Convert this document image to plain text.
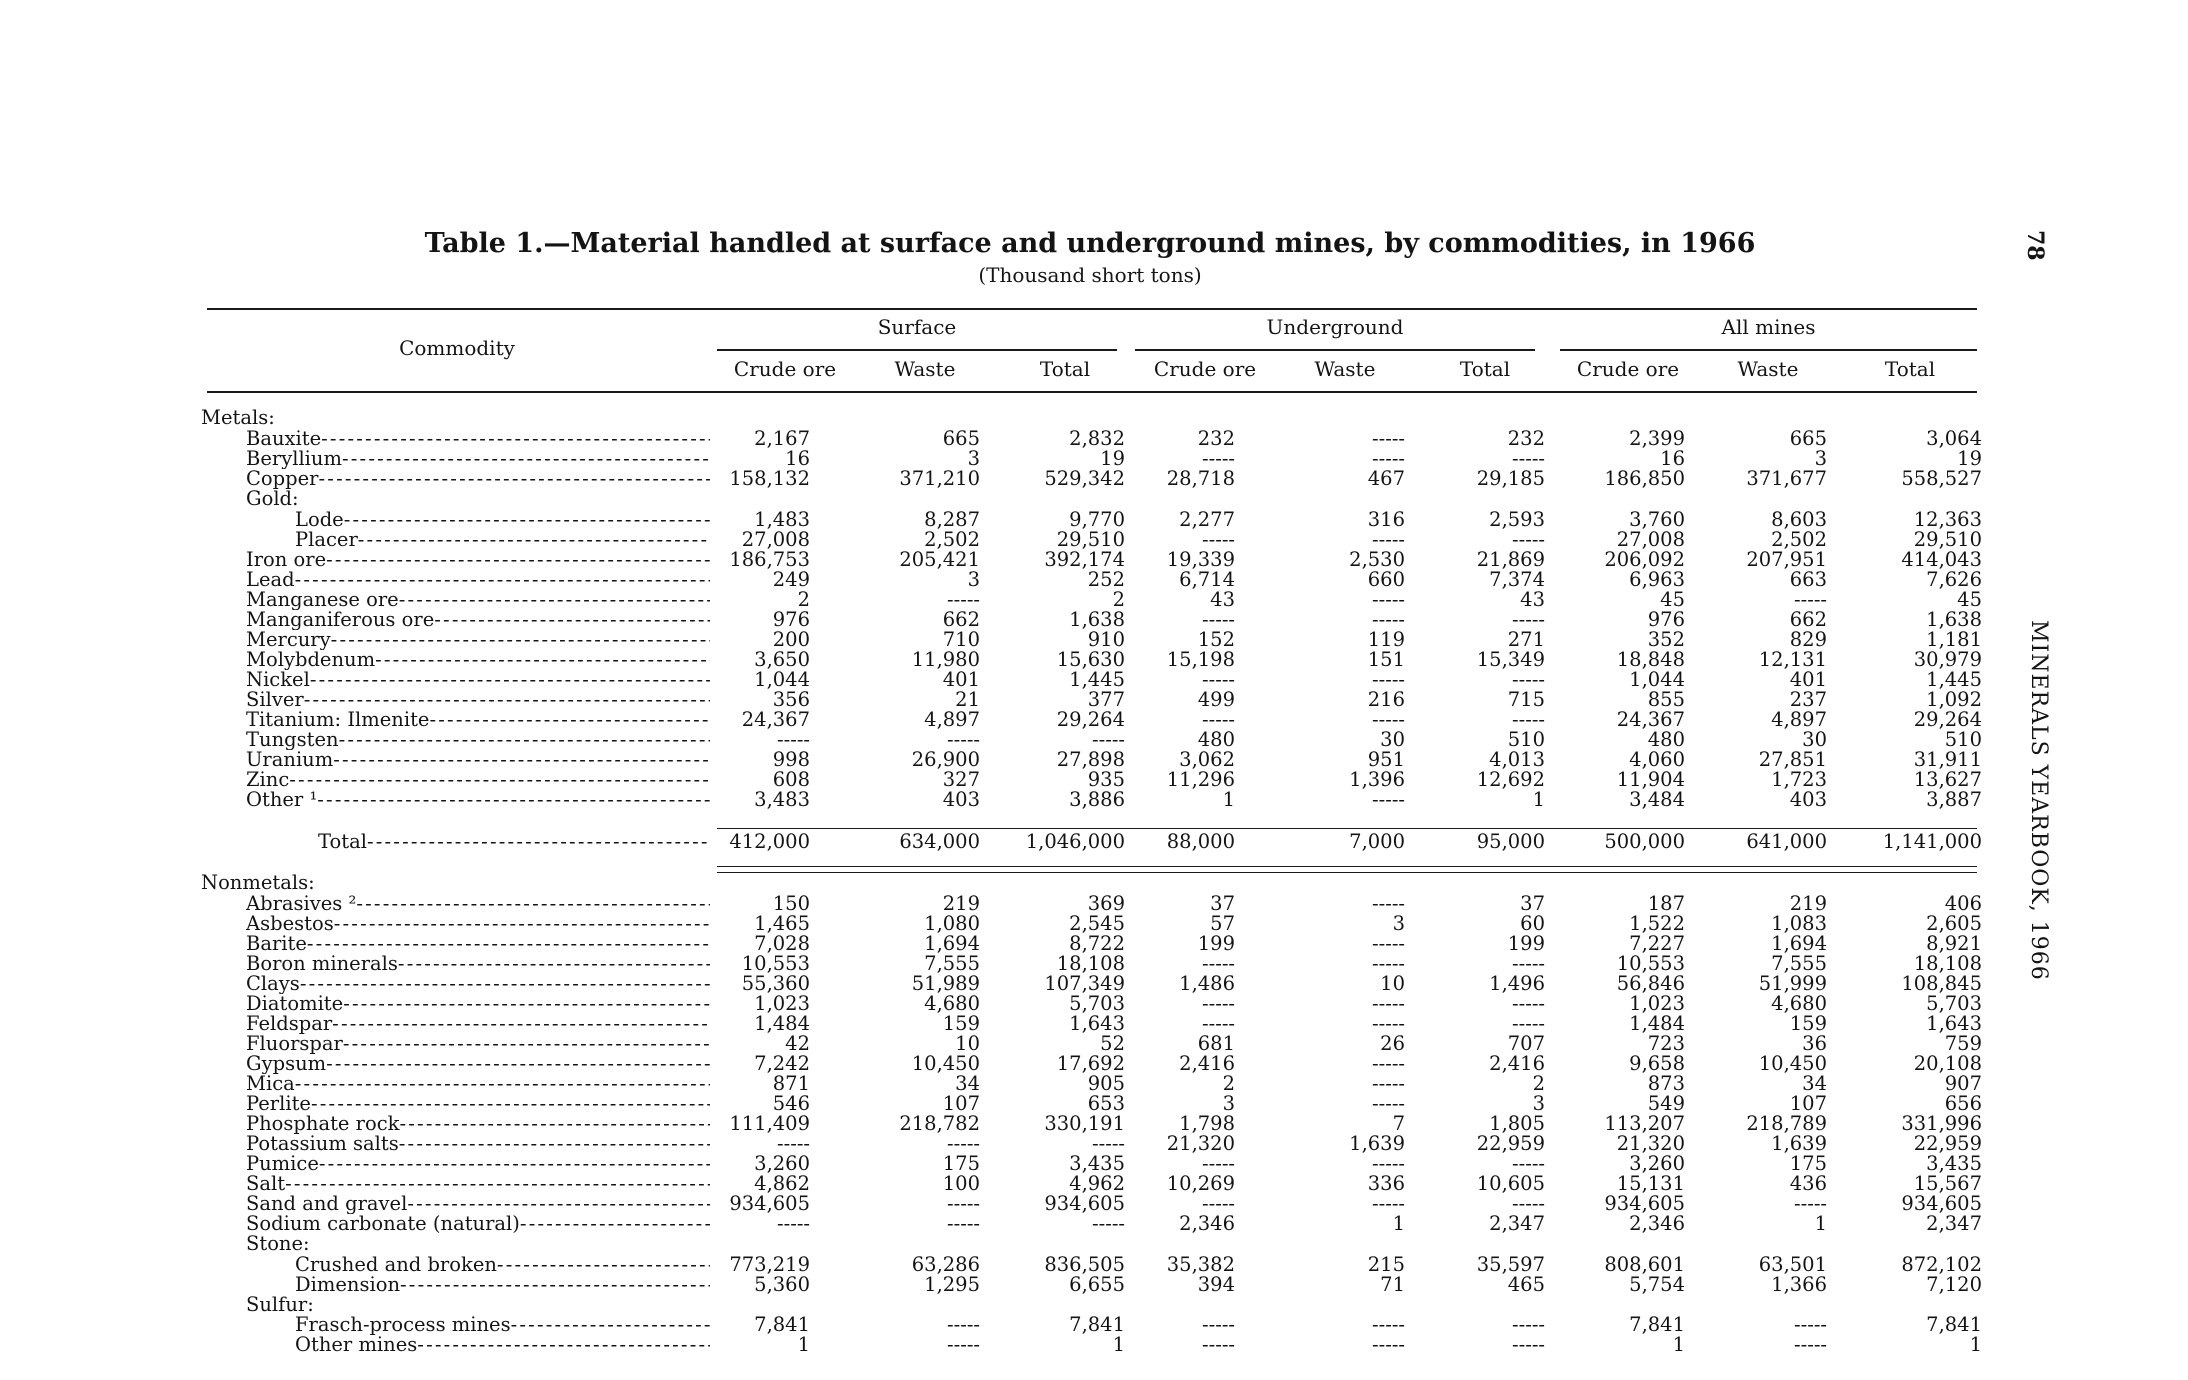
Table 1.—Material handled at surface and underground mines, by commodities, in 1966
(Thousand short tons)
78
MINERALS YEARBOOK, 1966
Commodity
Surface	Underground	All mines
Crude ore	Waste	Total	Crude ore	Waste	Total	Crude ore	Waste	Total
Metals:
Bauxite - - -	2,167	665	2,832	232	-----	232	2,399	665	3,064
Beryllium - - -	16	3	19	-----	-----	-----	16	3	19
Copper - - -	158,132	371,210	529,342	28,718	467	29,185	186,850	371,677	558,527
Gold:
Lode - - -	1,483	8,287	9,770	2,277	316	2,593	3,760	8,603	12,363
Placer - - -	27,008	2,502	29,510	-----	-----	-----	27,008	2,502	29,510
Iron ore - - -	186,753	205,421	392,174	19,339	2,530	21,869	206,092	207,951	414,043
Lead - - -	249	3	252	6,714	660	7,374	6,963	663	7,626
Manganese ore - - -	2	-----	2	43	-----	43	45	-----	45
Manganiferous ore - - -	976	662	1,638	-----	-----	-----	976	662	1,638
Mercury - - -	200	710	910	152	119	271	352	829	1,181
Molybdenum - - -	3,650	11,980	15,630	15,198	151	15,349	18,848	12,131	30,979
Nickel - - -	1,044	401	1,445	-----	-----	-----	1,044	401	1,445
Silver - - -	356	21	377	499	216	715	855	237	1,092
Titanium: Ilmenite - - -	24,367	4,897	29,264	-----	-----	-----	24,367	4,897	29,264
Tungsten - - -	-----	-----	-----	480	30	510	480	30	510
Uranium - - -	998	26,900	27,898	3,062	951	4,013	4,060	27,851	31,911
Zinc - - -	608	327	935	11,296	1,396	12,692	11,904	1,723	13,627
Other ¹ - - -	3,483	403	3,886	1	-----	1	3,484	403	3,887
Total - - -	412,000	634,000	1,046,000	88,000	7,000	95,000	500,000	641,000	1,141,000
Nonmetals:
Abrasives ² - - -	150	219	369	37	-----	37	187	219	406
Asbestos - - -	1,465	1,080	2,545	57	3	60	1,522	1,083	2,605
Barite - - -	7,028	1,694	8,722	199	-----	199	7,227	1,694	8,921
Boron minerals - - -	10,553	7,555	18,108	-----	-----	-----	10,553	7,555	18,108
Clays - - -	55,360	51,989	107,349	1,486	10	1,496	56,846	51,999	108,845
Diatomite - - -	1,023	4,680	5,703	-----	-----	-----	1,023	4,680	5,703
Feldspar - - -	1,484	159	1,643	-----	-----	-----	1,484	159	1,643
Fluorspar - - -	42	10	52	681	26	707	723	36	759
Gypsum - - -	7,242	10,450	17,692	2,416	-----	2,416	9,658	10,450	20,108
Mica - - -	871	34	905	2	-----	2	873	34	907
Perlite - - -	546	107	653	3	-----	3	549	107	656
Phosphate rock - - -	111,409	218,782	330,191	1,798	7	1,805	113,207	218,789	331,996
Potassium salts - - -	-----	-----	-----	21,320	1,639	22,959	21,320	1,639	22,959
Pumice - - -	3,260	175	3,435	-----	-----	-----	3,260	175	3,435
Salt - - -	4,862	100	4,962	10,269	336	10,605	15,131	436	15,567
Sand and gravel - - -	934,605	-----	934,605	-----	-----	-----	934,605	-----	934,605
Sodium carbonate (natural) - - -	-----	-----	-----	2,346	1	2,347	2,346	1	2,347
Stone:
Crushed and broken - - -	773,219	63,286	836,505	35,382	215	35,597	808,601	63,501	872,102
Dimension - - -	5,360	1,295	6,655	394	71	465	5,754	1,366	7,120
Sulfur:
Frasch-process mines - - -	7,841	-----	7,841	-----	-----	-----	7,841	-----	7,841
Other mines - - -	1	-----	1	-----	-----	-----	1	-----	1
